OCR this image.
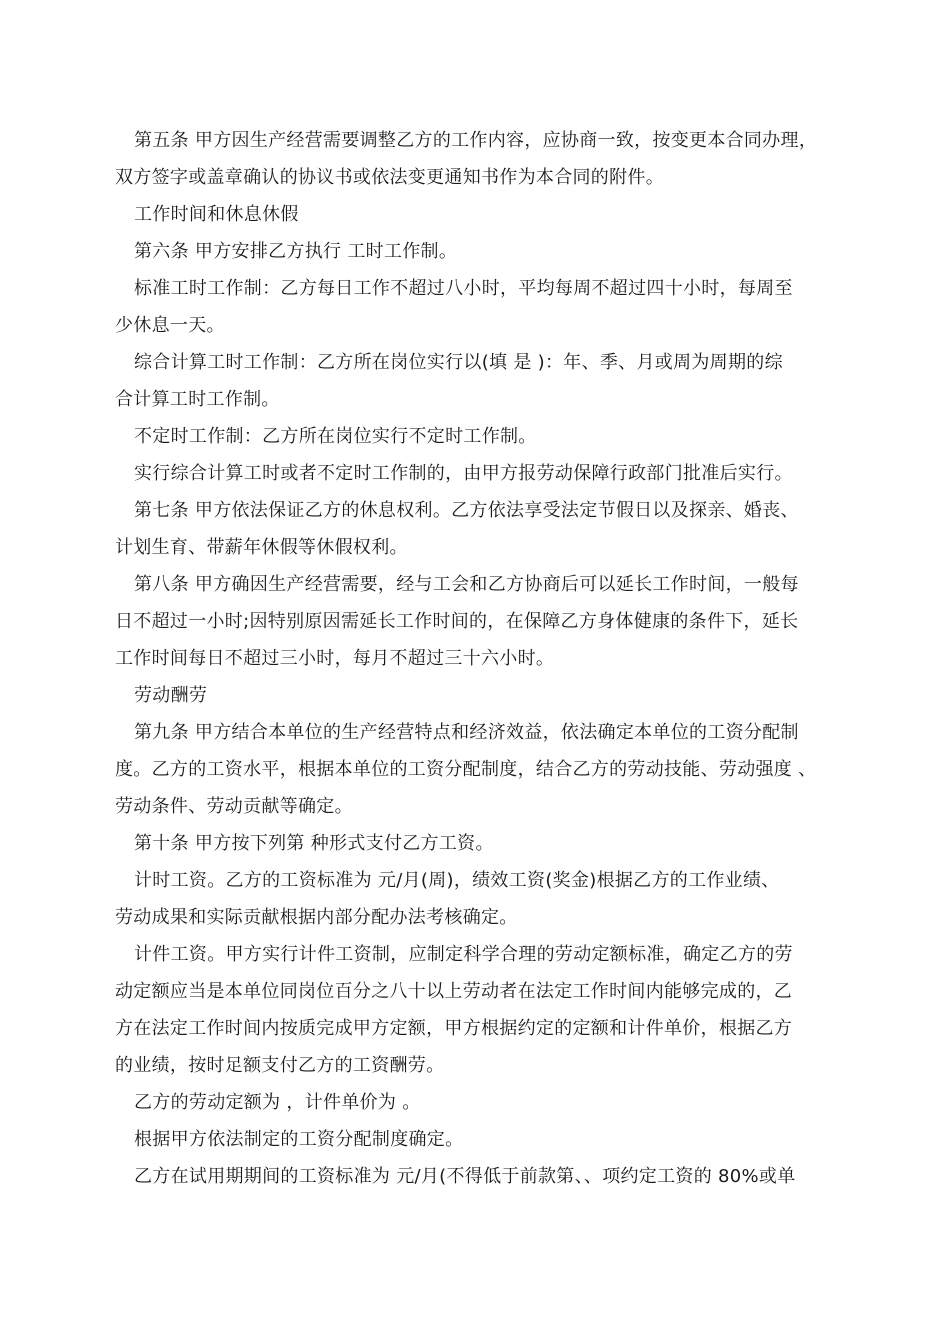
第五条 甲方因生产经营需要调整乙方的工作内容，应协商一致，按变更本合同办理，
双方签字或盖章确认的协议书或依法变更通知书作为本合同的附件。
工作时间和休息休假
第六条 甲方安排乙方执行 工时工作制。
标准工时工作制：乙方每日工作不超过八小时，平均每周不超过四十小时，每周至
少休息一天。
综合计算工时工作制：乙方所在岗位实行以(填 是 )：年、季、月或周为周期的综
合计算工时工作制。
不定时工作制：乙方所在岗位实行不定时工作制。
实行综合计算工时或者不定时工作制的，由甲方报劳动保障行政部门批准后实行。
第七条 甲方依法保证乙方的休息权利。乙方依法享受法定节假日以及探亲、婚丧、
计划生育、带薪年休假等休假权利。
第八条 甲方确因生产经营需要，经与工会和乙方协商后可以延长工作时间，一般每
日不超过一小时;因特别原因需延长工作时间的，在保障乙方身体健康的条件下，延长
工作时间每日不超过三小时，每月不超过三十六小时。
劳动酬劳
第九条 甲方结合本单位的生产经营特点和经济效益，依法确定本单位的工资分配制
度。乙方的工资水平，根据本单位的工资分配制度，结合乙方的劳动技能、劳动强度 、
劳动条件、劳动贡献等确定。
第十条 甲方按下列第 种形式支付乙方工资。
计时工资。乙方的工资标准为 元/月(周)，绩效工资(奖金)根据乙方的工作业绩、
劳动成果和实际贡献根据内部分配办法考核确定。
计件工资。甲方实行计件工资制，应制定科学合理的劳动定额标准，确定乙方的劳
动定额应当是本单位同岗位百分之八十以上劳动者在法定工作时间内能够完成的，乙
方在法定工作时间内按质完成甲方定额，甲方根据约定的定额和计件单价，根据乙方
的业绩，按时足额支付乙方的工资酬劳。
乙方的劳动定额为 ，计件单价为 。
根据甲方依法制定的工资分配制度确定。
乙方在试用期期间的工资标准为 元/月(不得低于前款第、、项约定工资的 80%或单
